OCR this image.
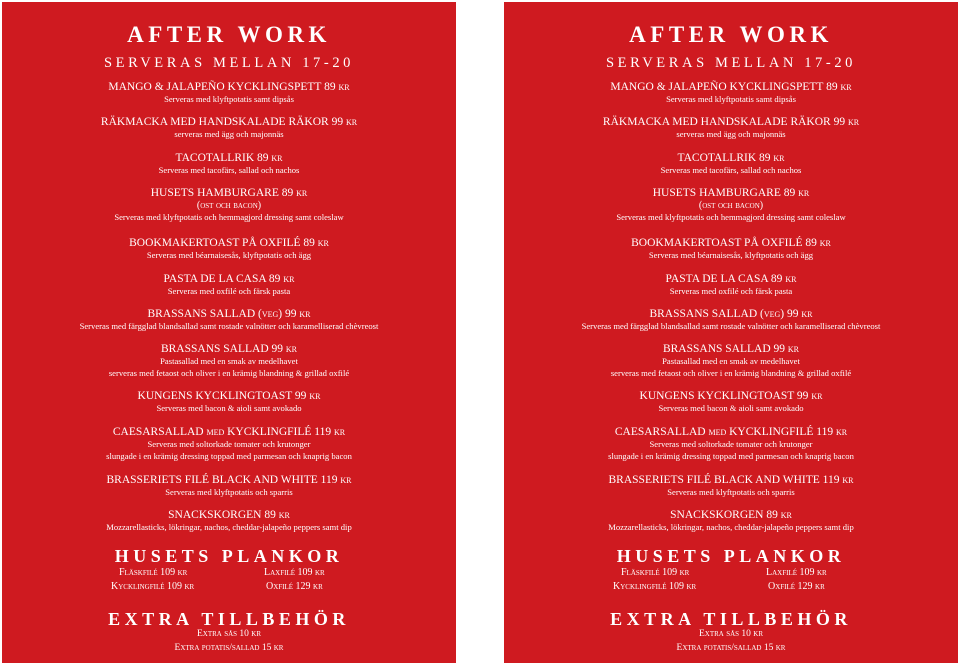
AFTER WORK
SERVERAS MELLAN 17-20
MANGO & JALAPEÑO KYCKLINGSPETT 89 kr
Serveras med klyftpotatis samt dipsås
RÄKMACKA MED HANDSKALADE RÄKOR 99 kr
serveras med ägg och majonnäs
TACOTALLRIK 89 kr
Serveras med tacofärs, sallad och nachos
HUSETS HAMBURGARE 89 kr
(ost och bacon)
Serveras med klyftpotatis och hemmagjord dressing samt coleslaw
BOOKMAKERTOAST PÅ OXFILÉ 89 kr
Serveras med béarnaisesås, klyftpotatis och ägg
PASTA DE LA CASA 89 kr
Serveras med oxfilé och färsk pasta
BRASSANS SALLAD (veg) 99 kr
Serveras med färgglad blandsallad samt rostade valnötter och karamelliserad chèvreost
BRASSANS SALLAD 99 kr
Pastasallad med en smak av medelhavet
serveras med fetaost och oliver i en krämig blandning & grillad oxfilé
KUNGENS KYCKLINGTOAST 99 kr
Serveras med bacon & aioli samt avokado
CAESARSALLAD med KYCKLINGFILÉ 119 kr
Serveras med soltorkade tomater och krutonger
slungade i en krämig dressing toppad med parmesan och knaprig bacon
BRASSERIETS FILÉ BLACK AND WHITE 119 kr
Serveras med klyftpotatis och sparris
SNACKSKORGEN 89 kr
Mozzarellasticks, lökringar, nachos, cheddar-jalapeño peppers samt dip
HUSETS PLANKOR
Fläskfilé 109 kr	Laxfilé 109 kr
Kycklingfilé 109 kr	Oxfilé 129 kr
EXTRA TILLBEHÖR
Extra sås 10 kr
Extra potatis/sallad 15 kr
AFTER WORK
SERVERAS MELLAN 17-20
MANGO & JALAPEÑO KYCKLINGSPETT 89 kr
Serveras med klyftpotatis samt dipsås
RÄKMACKA MED HANDSKALADE RÄKOR 99 kr
serveras med ägg och majonnäs
TACOTALLRIK 89 kr
Serveras med tacofärs, sallad och nachos
HUSETS HAMBURGARE 89 kr
(ost och bacon)
Serveras med klyftpotatis och hemmagjord dressing samt coleslaw
BOOKMAKERTOAST PÅ OXFILÉ 89 kr
Serveras med béarnaisesås, klyftpotatis och ägg
PASTA DE LA CASA 89 kr
Serveras med oxfilé och färsk pasta
BRASSANS SALLAD (veg) 99 kr
Serveras med färgglad blandsallad samt rostade valnötter och karamelliserad chèvreost
BRASSANS SALLAD 99 kr
Pastasallad med en smak av medelhavet
serveras med fetaost och oliver i en krämig blandning & grillad oxfilé
KUNGENS KYCKLINGTOAST 99 kr
Serveras med bacon & aioli samt avokado
CAESARSALLAD med KYCKLINGFILÉ 119 kr
Serveras med soltorkade tomater och krutonger
slungade i en krämig dressing toppad med parmesan och knaprig bacon
BRASSERIETS FILÉ BLACK AND WHITE 119 kr
Serveras med klyftpotatis och sparris
SNACKSKORGEN 89 kr
Mozzarellasticks, lökringar, nachos, cheddar-jalapeño peppers samt dip
HUSETS PLANKOR
Fläskfilé 109 kr	Laxfilé 109 kr
Kycklingfilé 109 kr	Oxfilé 129 kr
EXTRA TILLBEHÖR
Extra sås 10 kr
Extra potatis/sallad 15 kr
